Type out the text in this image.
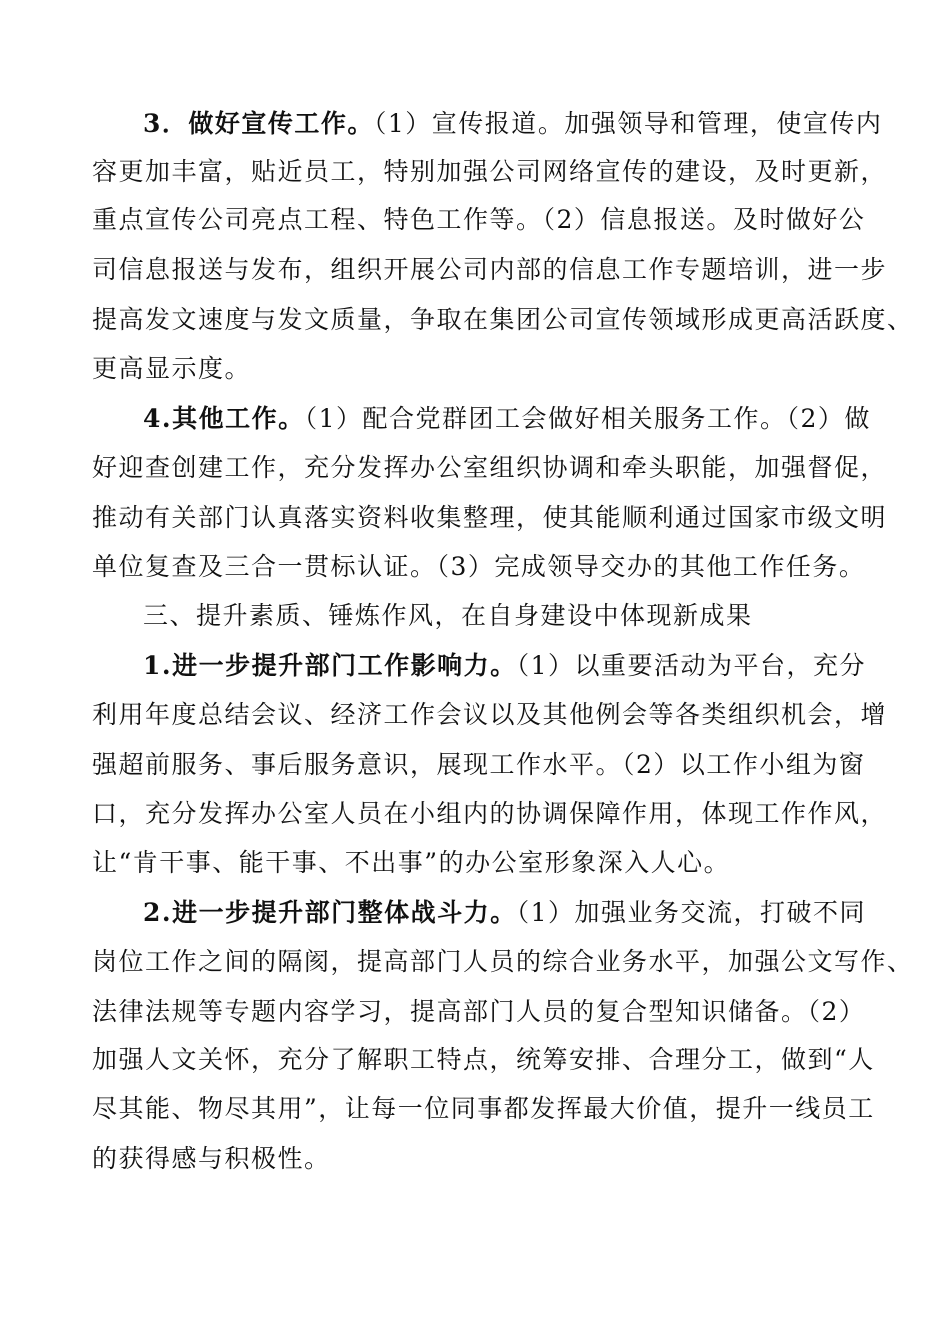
3．做好宣传工作。（1）宣传报道。加强领导和管理，使宣传内
容更加丰富，贴近员工，特别加强公司网络宣传的建设，及时更新，
重点宣传公司亮点工程、特色工作等。（2）信息报送。及时做好公
司信息报送与发布，组织开展公司内部的信息工作专题培训，进一步
提高发文速度与发文质量，争取在集团公司宣传领域形成更高活跃度、
更高显示度。
4.其他工作。（1）配合党群团工会做好相关服务工作。（2）做
好迎查创建工作，充分发挥办公室组织协调和牵头职能，加强督促，
推动有关部门认真落实资料收集整理，使其能顺利通过国家市级文明
单位复查及三合一贯标认证。（3）完成领导交办的其他工作任务。
三、提升素质、锤炼作风，在自身建设中体现新成果
1.进一步提升部门工作影响力。（1）以重要活动为平台，充分
利用年度总结会议、经济工作会议以及其他例会等各类组织机会，增
强超前服务、事后服务意识，展现工作水平。（2）以工作小组为窗
口，充分发挥办公室人员在小组内的协调保障作用，体现工作作风，
让“肯干事、能干事、不出事”的办公室形象深入人心。
2.进一步提升部门整体战斗力。（1）加强业务交流，打破不同
岗位工作之间的隔阂，提高部门人员的综合业务水平，加强公文写作、
法律法规等专题内容学习，提高部门人员的复合型知识储备。（2）
加强人文关怀，充分了解职工特点，统筹安排、合理分工，做到“人
尽其能、物尽其用”，让每一位同事都发挥最大价值，提升一线员工
的获得感与积极性。
